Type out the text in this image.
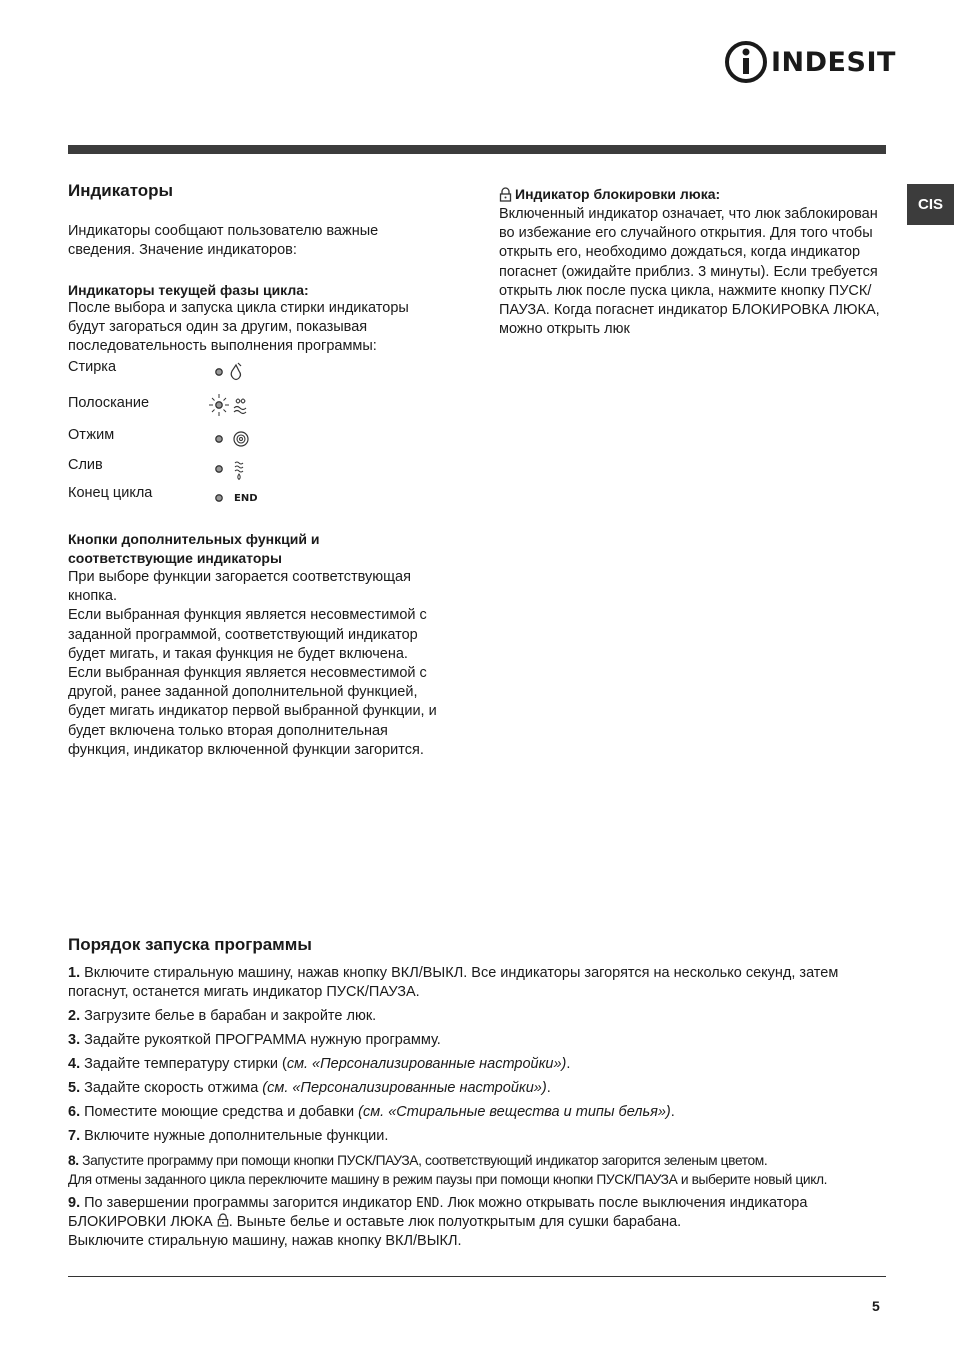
INDESIT
CIS
Индикаторы

Индикаторы сообщают пользователю важные сведения. Значение индикаторов:

Индикаторы текущей фазы цикла:

После выбора и запуска цикла стирки индикаторы будут загораться один за другим, показывая последовательность выполнения программы:

Стирка
Полоскание
Отжим
Слив
Конец цикла	END

Кнопки дополнительных функций и соответствующие индикаторы

При выборе функции загорается соответствующая кнопка.
Если выбранная функция является несовместимой с заданной программой, соответствующий индикатор будет мигать, и такая функция не будет включена.
Если выбранная функция является несовместимой с другой, ранее заданной дополнительной функцией, будет мигать индикатор первой выбранной функции, и будет включена только вторая дополнительная функция, индикатор включенной функции загорится.

Индикатор блокировки люка:

Включенный индикатор означает, что люк заблокирован во избежание его случайного открытия. Для того чтобы открыть его, необходимо дождаться, когда индикатор погаснет (ожидайте приблиз. 3 минуты). Если требуется открыть люк после пуска цикла, нажмите кнопку ПУСК/ПАУЗА. Когда погаснет индикатор БЛОКИРОВКА ЛЮКА, можно открыть люк

Порядок запуска программы
1. Включите стиральную машину, нажав кнопку ВКЛ/ВЫКЛ. Все индикаторы загорятся на несколько секунд, затем погаснут, останется мигать индикатор ПУСК/ПАУЗА.
2. Загрузите белье в барабан и закройте люк.
3. Задайте рукояткой ПРОГРАММА нужную программу.
4. Задайте температуру стирки (см. «Персонализированные настройки»).
5. Задайте скорость отжима (см. «Персонализированные настройки»).
6. Поместите моющие средства и добавки (см. «Стиральные вещества и типы белья»).
7. Включите нужные дополнительные функции.
8. Запустите программу при помощи кнопки ПУСК/ПАУЗА, соответствующий индикатор загорится зеленым цветом.
Для отмены заданного цикла переключите машину в режим паузы при помощи кнопки ПУСК/ПАУЗА и выберите новый цикл.
9. По завершении программы загорится индикатор END. Люк можно открывать после выключения индикатора БЛОКИРОВКИ ЛЮКА . Выньте белье и оставьте люк полуоткрытым для сушки барабана.
Выключите стиральную машину, нажав кнопку ВКЛ/ВЫКЛ.
5
